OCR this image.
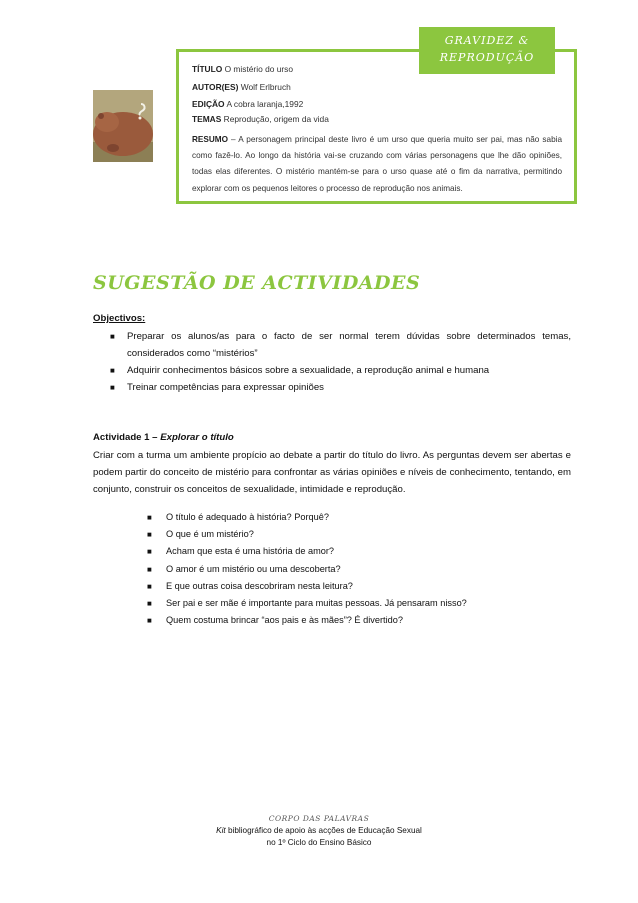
TÍTULO O mistério do urso
AUTOR(ES) Wolf Erlbruch
EDIÇÃO A cobra laranja,1992
TEMAS Reprodução, origem da vida
RESUMO – A personagem principal deste livro é um urso que queria muito ser pai, mas não sabia como fazê-lo. Ao longo da história vai-se cruzando com várias personagens que lhe dão opiniões, todas elas diferentes. O mistério mantém-se para o urso quase até o fim da narrativa, permitindo explorar com os pequenos leitores o processo de reprodução nos animais.
GRAVIDEZ &
REPRODUÇÃO
SUGESTÃO DE ACTIVIDADES
Objectivos:
■ Preparar os alunos/as para o facto de ser normal terem dúvidas sobre determinados temas, considerados como “mistérios”
■ Adquirir conhecimentos básicos sobre a sexualidade, a reprodução animal e humana
■ Treinar competências para expressar opiniões
Actividade 1 – Explorar o título
Criar com a turma um ambiente propício ao debate a partir do título do livro. As perguntas devem ser abertas e podem partir do conceito de mistério para confrontar as várias opiniões e níveis de conhecimento, tentando, em conjunto, construir os conceitos de sexualidade, intimidade e reprodução.
■ O título é adequado à história? Porquê?
■ O que é um mistério?
■ Acham que esta é uma história de amor?
■ O amor é um mistério ou uma descoberta?
■ E que outras coisa descobriram nesta leitura?
■ Ser pai e ser mãe é importante para muitas pessoas. Já pensaram nisso?
■ Quem costuma brincar “aos pais e às mães”? É divertido?
CORPO DAS PALAVRAS
Kit bibliográfico de apoio às acções de Educação Sexual
no 1º Ciclo do Ensino Básico
